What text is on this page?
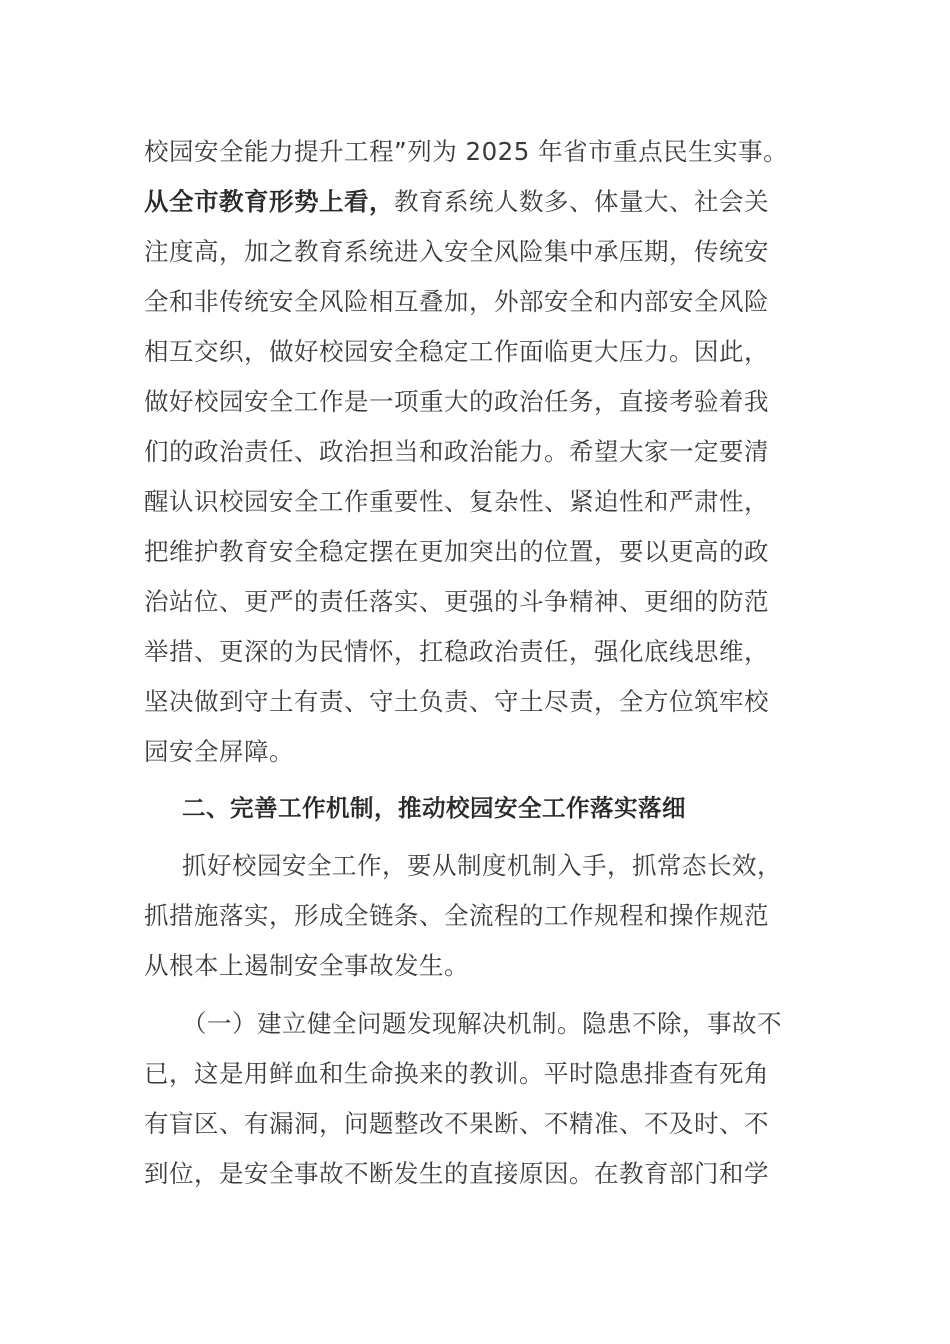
校园安全能力提升工程”列为 2025 年省市重点民生实事。
从全市教育形势上看，教育系统人数多、体量大、社会关
注度高，加之教育系统进入安全风险集中承压期，传统安
全和非传统安全风险相互叠加，外部安全和内部安全风险
相互交织，做好校园安全稳定工作面临更大压力。因此，
做好校园安全工作是一项重大的政治任务，直接考验着我
们的政治责任、政治担当和政治能力。希望大家一定要清
醒认识校园安全工作重要性、复杂性、紧迫性和严肃性，
把维护教育安全稳定摆在更加突出的位置，要以更高的政
治站位、更严的责任落实、更强的斗争精神、更细的防范
举措、更深的为民情怀，扛稳政治责任，强化底线思维，
坚决做到守土有责、守土负责、守土尽责，全方位筑牢校
园安全屏障。
二、完善工作机制，推动校园安全工作落实落细
抓好校园安全工作，要从制度机制入手，抓常态长效，
抓措施落实，形成全链条、全流程的工作规程和操作规范
从根本上遏制安全事故发生。
（一）建立健全问题发现解决机制。隐患不除，事故不
已，这是用鲜血和生命换来的教训。平时隐患排查有死角
有盲区、有漏洞，问题整改不果断、不精准、不及时、不
到位，是安全事故不断发生的直接原因。在教育部门和学
